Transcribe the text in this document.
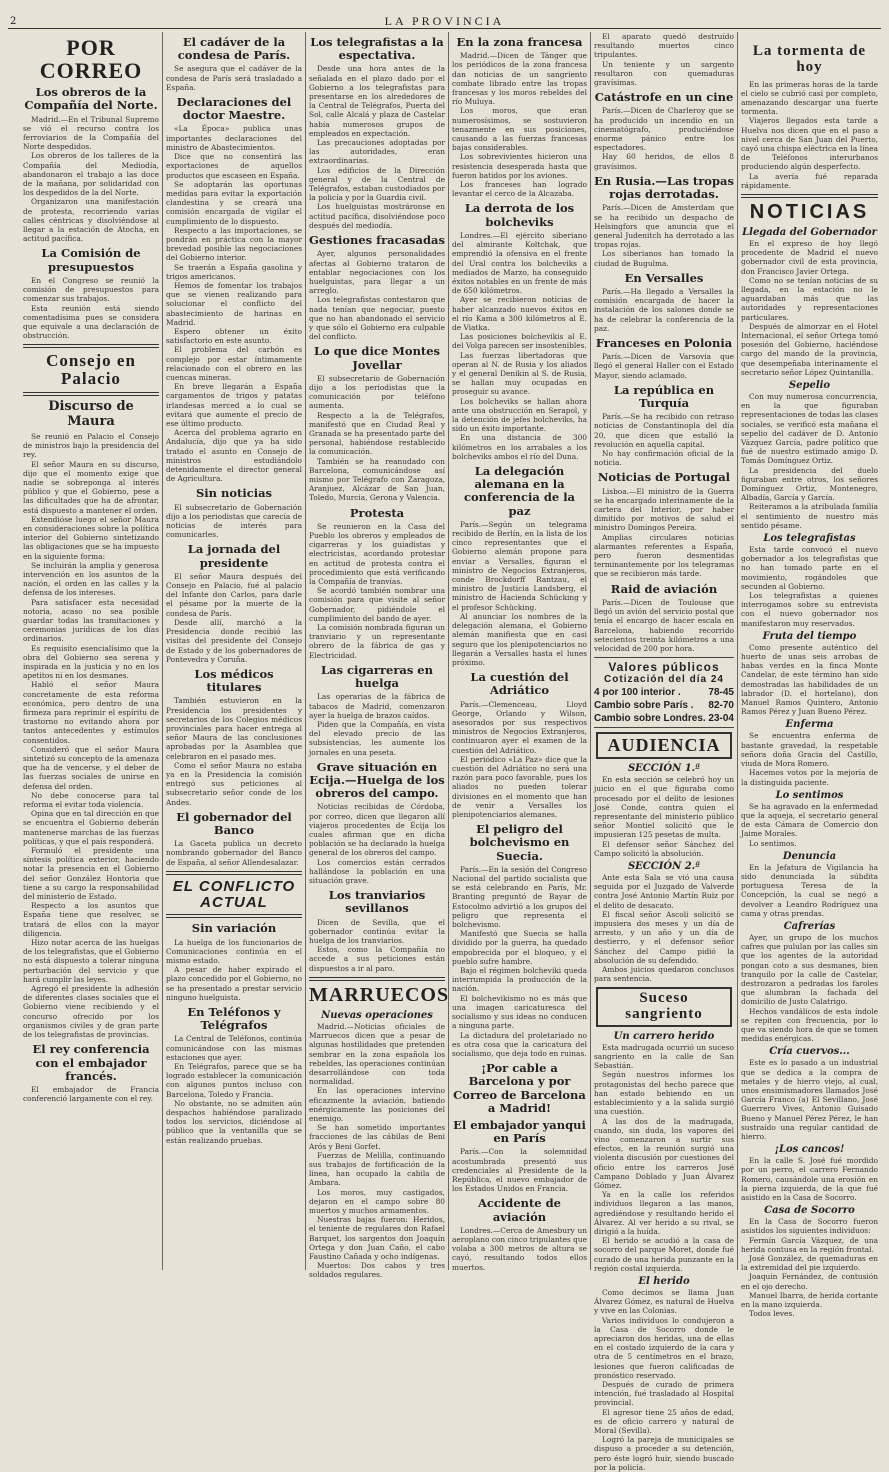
2	LA PROVINCIA
POR CORREO
Los obreros de la Compañía del Norte.

Madrid.—En el Tribunal Supremo se vió el recurso contra los ferroviarios de la Compañía del Norte despedidos.

Los obreros de los talleres de la Compañía del Mediodía, abandonaron el trabajo a las doce de la mañana, por solidaridad con los despedidos de la del Norte.

Organizaron una manifestación de protesta, recorriendo varias calles céntricas y disolviéndose al llegar a la estación de Atocha, en actitud pacífica.

La Comisión de presupuestos

En el Congreso se reunió la comisión de presupuestos para comenzar sus trabajos.

Esta reunión está siendo comentadísima pues se considera que equivale a una declaración de obstrucción.

Consejo en Palacio
Discurso de Maura

Se reunió en Palacio el Consejo de ministros bajo la presidencia del rey.

El señor Maura en su discurso, dijo que el momento exige que nadie se sobreponga al interés público y que el Gobierno, pese a las dificultades que ha de afrontar, está dispuesto a mantener el orden.

Extendióse luego el señor Maura en consideraciones sobre la política interior del Gobierno sintetizando las obligaciones que se ha impuesto en la siguiente forma:

Se incluirán la amplia y generosa intervención en los asuntos de la nación, el orden en las calles y la defensa de los intereses.

Para satisfacer esta necesidad notoria, acaso no sea posible guardar todas las tramitaciones y ceremonias jurídicas de los días ordinarios.

Es requisito esencialísimo que la obra del Gobierno sea serena y inspirada en la justicia y no en los apetitos ni en los desmanes.

Habló el señor Maura concretamente de esta reforma económica, pero dentro de una firmeza para reprimir el espíritu de trastorno no evitando ahora por tantos antecedentes y estímulos consentidos.

Consideró que el señor Maura sintetizó su concepto de la amenaza que ha de vencerse, y el deber de las fuerzas sociales de unirse en defensa del orden.

No debe conocerse para tal reforma el evitar toda violencia.

Opina que en tal dirección en que se encuentra el Gobierno deberán mantenerse marchas de las fuerzas políticas, y que el país responderá.

Formuló el presidente una síntesis política exterior, haciendo notar la presencia en el Gobierno del señor González Hontoria que tiene a su cargo la responsabilidad del ministerio de Estado.

Respecto a los asuntos que España tiene que resolver, se tratará de ellos con la mayor diligencia.

Hizo notar acerca de las huelgas de los telegrafistas, que el Gobierno no está dispuesto a tolerar ninguna perturbación del servicio y que hará cumplir las leyes.

Agregó el presidente la adhesión de diferentes clases sociales que el Gobierno viene recibiendo y el concurso ofrecido por los organismos civiles y de gran parte de los telegrafistas de provincias.

El rey conferencia con el embajador francés.

El embajador de Francia conferenció largamente con el rey.

El cadáver de la condesa de París.

Se asegura que el cadáver de la condesa de París será trasladado a España.

Declaraciones del doctor Maestre.

«La Época» publica unas importantes declaraciones del ministro de Abastecimientos.

Dice que no consentirá las exportaciones de aquellos productos que escaseen en España.

Se adoptarán las oportunas medidas para evitar la exportación clandestina y se creará una comisión encargada de vigilar el cumplimiento de lo dispuesto.

Respecto a las importaciones, se pondrán en práctica con la mayor brevedad posible las negociaciones del Gobierno interior.

Se traerán a España gasolina y trigos americanos.

Hemos de fomentar los trabajos que se vienen realizando para solucionar el conflicto del abastecimiento de harinas en Madrid.

Espero obtener un éxito satisfactorio en este asunto.

El problema del carbón es complejo por estar íntimamente relacionado con el obrero en las cuencas mineras.

En breve llegarán a España cargamentos de trigos y patatas irlandesas merced a lo cual se evitará que aumente el precio de ese último producto.

Acerca del problema agrario en Andalucía, dijo que ya ha sido tratado el asunto en Consejo de ministros estudiándolo detenidamente el director general de Agricultura.

Sin noticias

El subsecretario de Gobernación dijo a los periodistas que carecía de noticias de interés para comunicarles.

La jornada del presidente

El señor Maura después del Consejo en Palacio, fué al palacio del Infante don Carlos, para darle el pésame por la muerte de la condesa de París.

Desde allí, marchó a la Presidencia donde recibió las visitas del presidente del Consejo de Estado y de los gobernadores de Pontevedra y Coruña.

Los médicos titulares

También estuvieron en la Presidencia los presidentes y secretarios de los Colegios médicos provinciales para hacer entrega al señor Maura de las conclusiones aprobadas por la Asamblea que celebraron en el pasado mes.

Como el señor Maura no estaba ya en la Presidencia la comisión entregó sus peticiones al subsecretario señor conde de los Andes.

El gobernador del Banco

La Gaceta publica un decreto nombrando gobernador del Banco de España, al señor Allendesalazar.

EL CONFLICTO ACTUAL
Sin variación

La huelga de los funcionarios de Comunicaciones continúa en el mismo estado.

A pesar de haber expirado el plazo concedido por el Gobierno, no se ha presentado a prestar servicio ninguno huelguista.

En Teléfonos y Telégrafos

La Central de Teléfonos, continúa comunicándose con las mismas estaciones que ayer.

En Telégrafos, parece que se ha logrado establecer la comunicación con algunos puntos incluso con Barcelona, Toledo y Francia.

No obstante, no se admiten aún despachos habiéndose paralizado todos los servicios, diciéndose al público que la ventanilla que se están realizando pruebas.

Los telegrafistas a la espectativa.

Desde una hora antes de la señalada en el plazo dado por el Gobierno a los telegrafistas para presentarse en los alrededores de la Central de Telégrafos, Puerta del Sol, calle Alcalá y plaza de Castelar había numerosos grupos de empleados en expectación.

Las precauciones adoptadas por las autoridades, eran extraordinarias.

Los edificios de la Dirección general y de la Central de Telégrafos, estaban custodiados por la policía y por la Guardia civil.

Los huelguistas mostráronse en actitud pacífica, disolviéndose poco después del mediodía.

Gestiones fracasadas

Ayer, algunos personalidades afectas al Gobierno trataron de entablar negociaciones con los huelguistas, para llegar a un arreglo.

Los telegrafistas contestaron que nada tenían que negociar, puesto que no han abandonado el servicio y que sólo el Gobierno era culpable del conflicto.

Lo que dice Montes Jovellar

El subsecretario de Gobernación dijo a los periodistas que la comunicación por teléfono aumenta.

Respecto a la de Telégrafos, manifestó que en Ciudad Real y Granada se ha presentado parte del personal, habiéndose restablecido la comunicación.

También se ha reanudado con Barcelona, comunicándose así mismo por Telégrafo con Zaragoza, Aranjuez, Alcázar de San Juan, Toledo, Murcia, Gerona y Valencia.

Protesta

Se reunieron en la Casa del Pueblo los obreros y empleados de cigarreras y los guiadistas y electricistas, acordando protestar en actitud de protesta contra el procedimiento que está verificando la Compañía de tranvías.

Se acordó también nombrar una comisión para que visite al señor Gobernador, pidiéndole el cumplimiento del bando de ayer.

La comisión nombrada figuran un tranviario y un representante obrero de la fábrica de gas y Electricidad.

Las cigarreras en huelga

Las operarias de la fábrica de tabacos de Madrid, comenzaron ayer la huelga de brazos caídos.

Piden que la Compañía, en vista del elevado precio de las subsistencias, les aumente los jornales en una peseta.

Grave situación en Ecija.—Huelga de los obreros del campo.

Noticias recibidas de Córdoba, por correo, dicen que llegaron allí viajeros procedentes de Écija los cuales afirman que en dicha población se ha declarado la huelga general de los obreros del campo.

Los comercios están cerrados hallándose la población en una situación grave.

Los tranviarios sevillanos

Dicen de Sevilla, que el gobernador continúa evitar la huelga de los tranviarios.

Estos, como la Compañía no accede a sus peticiones están dispuestos a ir al paro.

MARRUECOS
Nuevas operaciones

Madrid.—Noticias oficiales de Marruecos dicen que a pesar de algunas hostilidades que pretenden sembrar en la zona española los rebeldes, las operaciones continúan desarrollándose con toda normalidad.

En las operaciones intervino eficazmente la aviación, batiendo enérgicamente las posiciones del enemigo.

Se han sometido importantes fracciones de las cábilas de Beni Arós y Beni Gorfet.

Fuerzas de Melilla, continuando sus trabajos de fortificación de la línea, han ocupado la cabila de Ambara.

Los moros, muy castigados, dejaron en el campo sobre 80 muertos y muchos armamentos.

Nuestras bajas fueron: Heridos, el teniente de regulares don Rafael Barquet, los sargentos don Joaquín Ortega y don Juan Caño, el cabo Faustino Cañada y ocho indígenas.

Muertos: Dos cabos y tres soldados regulares.

En la zona francesa

Madrid.—Dicen de Tánger que los periódicos de la zona francesa dan noticias de un sangriento combate librado entre las tropas francesas y los moros rebeldes del río Muluya.

Los moros, que eran numerosísimos, se sostuvieron tenazmente en sus posiciones, causando a las fuerzas francesas bajas considerables.

Los sobrevivientes hicieron una resistencia desesperada hasta que fueron batidos por los aviones.

Los franceses han logrado levantar el cerco de la Alcazaba.

La derrota de los bolcheviks

Londres.—El ejército siberiano del almirante Koltchak, que emprendió la ofensiva en el frente del Ural contra los bolcheviks a mediados de Marzo, ha conseguido éxitos notables en un frente de más de 650 kilómetros.

Ayer se recibieron noticias de haber alcanzado nuevos éxitos en el río Kama a 300 kilómetros al E. de Viatka.

Las posiciones bolchevikis al E. del Volga parecen ser insostenibles.

Las fuerzas libertadoras que operan al N. de Rusia y los aliados y el general Denikin al S. de Rusia, se hallan muy ocupadas en proseguir su avance.

Los bolcheviks se hallan ahora ante una obstrucción en Serapol, y la detención de jefes bolcheviks, ha sido un éxito importante.

En una distancia de 300 kilómetros en los arrabales a los bolcheviks ambos el río del Duna.

La delegación alemana en la conferencia de la paz

París.—Según un telegrama recibido de Berlín, en la lista de los cinco representantes que el Gobierno alemán propone para enviar a Versalles, figuran el ministro de Negocios Extranjeros, conde Brockdorff Rantzau, el ministro de Justicia Landsberg, el ministro de Hacienda Schücking y el profesor Schücking.

Al anunciar los nombres de la delegación alemana, el Gobierno alemán manifiesta que en casi seguro que los plenipotenciarios no llegarán a Versalles hasta el lunes próximo.

La cuestión del Adriático

París.—Clemenceau, Lloyd George, Orlando y Wilson, asesorados por sus respectivos ministros de Negocios Extranjeros, continuaron ayer el examen de la cuestión del Adriático.

El periódico «La Paz» dice que la cuestión del Adriático no será una razón para poco favorable, pues los aliados no pueden tolerar divisiones en el momento que han de venir a Versalles los plenipotenciarios alemanes.

El peligro del bolchevismo en Suecia.

París.—En la sesión del Congreso Nacional del partido socialista que se está celebrando en París, Mr. Branting preguntó de Bayar de Estocolmo advirtió a los grupos del peligro que representa el bolchevismo.

Manifestó que Suecia se halla dividido por la guerra, ha quedado empobrecida por el bloqueo, y el pueblo sufre hambre.

Bajo el régimen bolcheviki queda interrumpida la producción de la nación.

El bolchevikismo no es más que una imagen caricaturesca del socialismo y sus ideas no conducen a ninguna parte.

La dictadura del proletariado no es otra cosa que la caricatura del socialismo, que deja todo en ruinas.

¡Por cable a Barcelona y por Correo de Barcelona a Madrid!
El embajador yanqui en París

París.—Con la solemnidad acostumbrada presentó sus credenciales al Presidente de la República, el nuevo embajador de los Estados Unidos en Francia.

Accidente de aviación

Londres.—Cerca de Amesbury un aeroplano con cinco tripulantes que volaba a 300 metros de altura se cayó, resultando todos ellos muertos.

El aparato quedó destruído resultando muertos cinco tripulantes.

Un teniente y un sargento resultaron con quemaduras gravísimas.

Catástrofe en un cine

París.—Dicen de Charleroy que se ha producido un incendio en un cinematógrafo, produciéndose enorme pánico entre los espectadores.

Hay 60 heridos, de ellos 8 gravísimos.

En Rusia.—Las tropas rojas derrotadas.

París.—Dicen de Amsterdam que se ha recibido un despacho de Helsingfors que anuncia que el general Judenitch ha derrotado a las tropas rojas.

Los siberianos han tomado la ciudad de Bugulma.

En Versalles

París.—Ha llegado a Versalles la comisión encargada de hacer la instalación de los salones donde se ha de celebrar la conferencia de la paz.

Franceses en Polonia

París.—Dicen de Varsovia que llegó el general Haller con el Estado Mayor, siendo aclamado.

La república en Turquía

París.—Se ha recibido con retraso noticias de Constantinopla del día 20, que dicen que estalló la revolución en aquella capital.

No hay confirmación oficial de la noticia.

Noticias de Portugal

Lisboa.—El ministro de la Guerra se ha encargado interinamente de la cartera del Interior, por haber dimitido por motivos de salud el ministro Domingos Pereira.

Amplias circulares noticias alarmantes referentes a España, pero fueron desmentidas terminantemente por los telegramas que se recibieron más tarde.

Raid de aviación

París.—Dicen de Toulouse que llegó un avión del servicio postal que tenía el encargo de hacer escala en Barcelona, habiendo recorrido setecientos treinta kilómetros a una velocidad de 200 por hora.

Valores públicos
Cotización del día 24
4 por 100 interior .	78-45
Cambio sobre París . 82-70
Cambio sobre Londres. 23-04
AUDIENCIA
SECCIÓN 1.ª

En esta sección se celebró hoy un juicio en el que figuraba como procesado por el delito de lesiones José Conde, contra quien el representante del ministerio público señor Montiel solicitó que le impusieran 125 pesetas de multa.

El defensor señor Sánchez del Campo solicitó la absolución.

SECCIÓN 2.ª

Ante esta Sala se vió una causa seguida por el Juzgado de Valverde contra José Antonio Martín Ruiz por el delito de desacato.

El fiscal señor Ascoli solicitó se impusiera dos meses y un día de arresto, y un año y un día de destierro, y el defensor señor Sánchez del Campo pidió la absolución de su defendido.

Ambos juicios quedaron conclusos para sentencia.

Suceso sangriento
Un carrero herido

Esta madrugada ocurrió un suceso sangriento en la calle de San Sebastián.

Según nuestros informes los protagonistas del hecho parece que han estado bebiendo en un establecimiento y a la salida surgió una cuestión.

A las dos de la madrugada, cuando, sin duda, los vapores del vino comenzaron a surtir sus efectos, en la reunión surgió una violenta discusión por cuestiones del oficio entre los carreros José Campano Doblado y Juan Álvarez Gómez.

Ya en la calle los referidos individuos llegaron a las manos, agrediéndose y resultando herido el Álvarez. Al ver herido a su rival, se dirigió a la huída.

El herido se acudió a la casa de socorro del parque Moret, donde fué curado de una herida punzante en la región costal izquierda.

El herido

Como decimos se llama Juan Álvarez Gómez, es natural de Huelva y vive en las Colonias.

Varios individuos lo condujeron a la Casa de Socorro donde le apreciaron dos heridas, una de ellas en el costado izquierdo de la cara y otra de 5 centímetros en el brazo, lesiones que fueron calificadas de pronóstico reservado.

Después de curado de primera intención, fué trasladado al Hospital provincial.

El agresor tiene 25 años de edad, es de oficio carrero y natural de Moral (Sevilla).

Logró la pareja de municipales se dispuso a proceder a su detención, pero éste logró huir, siendo buscado por la policía.

La tormenta de hoy

En las primeras horas de la tarde el cielo se cubrió casi por completo, amenazando descargar una fuerte tormenta.

Viajeros llegados esta tarde a Huelva nos dicen que en el paso a nivel cerca de San Juan del Puerto, cayó una chispa eléctrica en la línea de Teléfonos interurbanos produciendo algún desperfecto.

La avería fué reparada rápidamente.

NOTICIAS
Llegada del Gobernador

En el expreso de hoy llegó procedente de Madrid el nuevo gobernador civil de esta provincia, don Francisco Javier Ortega.

Como no se tenían noticias de su llegada, en la estación no le aguardaban más que las autoridades y representaciones particulares.

Después de almorzar en el Hotel Internacional, el señor Ortega tomó posesión del Gobierno, haciéndose cargo del mando de la provincia, que desempeñaba interinamente el secretario señor López Quintanilla.

Sepelio

Con muy numerosa concurrencia, en la que figuraban representaciones de todas las clases sociales, se verificó esta mañana el sepelio del cadáver de D. Antonio Vázquez García, padre político que fué de nuestro estimado amigo D. Tomás Domínguez Ortiz.

La presidencia del duelo figuraban entre otros, los señores Domínguez Ortiz, Montenegro, Albadía, García y García.

Reiteramos a la atribulada familia el sentimiento de nuestro más sentido pésame.

Los telegrafistas

Esta tarde convocó el nuevo gobernador a los telegrafistas que no han tomado parte en el movimiento, rogándoles que secunden al Gobierno.

Los telegrafistas a quienes interrogamos sobre su entrevista con el nuevo gobernador nos manifestaron muy reservados.

Fruta del tiempo

Como presente auténtico del huerto de unas seis arrobas de habas verdes en la finca Monte Candelar, de este término han sido demostradas las habilidades de un labrador (D. el hortelano), don Manuel Ramos Quintero, Antonio Ramos Pérez y Juan Bueno Pérez.

Enferma

Se encuentra enferma de bastante gravedad, la respetable señora doña Gracia del Castillo, viuda de Mora Romero.

Hacemos votos por la mejoría de la distinguida paciente.

Lo sentimos

Se ha agravado en la enfermedad que la aqueja, el secretario general de esta Cámara de Comercio don Jaime Morales.

Lo sentimos.

Denuncia

En la Jefatura de Vigilancia ha sido denunciada la súbdita portuguesa Teresa de la Concepción, la cual se negó a devolver a Leandro Rodríguez una cama y otras prendas.

Cafrerías

Ayer, un grupo de los muchos cafres que pululan por las calles sin que los agentes de la autoridad pongan coto a sus desmanes, bien tranquilo por la calle de Castelar, destrozaron a pedradas los faroles que alumbran la fachada del domicilio de Justo Calatrigo.

Hechos vandálicos de esta índole se repiten con frecuencia, por lo que va siendo hora de que se tomen medidas enérgicas.

Cría cuervos...

Este es lo pasado a un industrial que se dedica a la compra de metales y de hierro viejo, al cual, unos ensimismadores llamados José García Franco (a) El Sevillano, José Guerrero Vives, Antonio Guisado Bueno y Manuel Pérez Pérez, le han sustraído una regular cantidad de hierro.

¡Los cancos!

En la calle S. José fué mordido por un perro, el carrero Fernando Romero, causándole una erosión en la pierna izquierda, de la que fué asistido en la Casa de Socorro.

Casa de Socorro

En la Casa de Socorro fueron asistidos los siguientes individuos:

Fermín García Vázquez, de una herida contusa en la región frontal.

José González, de quemaduras en la extremidad del pie izquierdo.

Joaquín Fernández, de contusión en el ojo derecho.

Manuel Ibarra, de herida cortante en la mano izquierda.

Todos leves.
